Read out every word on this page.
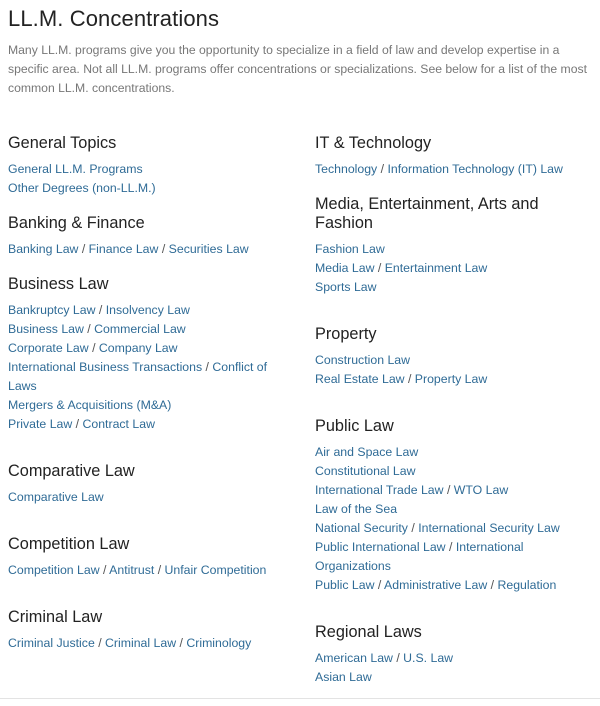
LL.M. Concentrations

Many LL.M. programs give you the opportunity to specialize in a field of law and develop expertise in a specific area. Not all LL.M. programs offer concentrations or specializations. See below for a list of the most common LL.M. concentrations.

General Topics
General LL.M. Programs
Other Degrees (non-LL.M.)
Banking & Finance
Banking Law / Finance Law / Securities Law
Business Law
Bankruptcy Law / Insolvency Law
Business Law / Commercial Law
Corporate Law / Company Law
International Business Transactions / Conflict of Laws
Mergers & Acquisitions (M&A)
Private Law / Contract Law
Comparative Law
Comparative Law
Competition Law
Competition Law / Antitrust / Unfair Competition
Criminal Law
Criminal Justice / Criminal Law / Criminology
IT & Technology
Technology / Information Technology (IT) Law
Media, Entertainment, Arts and Fashion
Fashion Law
Media Law / Entertainment Law
Sports Law
Property
Construction Law
Real Estate Law / Property Law
Public Law
Air and Space Law
Constitutional Law
International Trade Law / WTO Law
Law of the Sea
National Security / International Security Law
Public International Law / International Organizations
Public Law / Administrative Law / Regulation
Regional Laws
American Law / U.S. Law
Asian Law
